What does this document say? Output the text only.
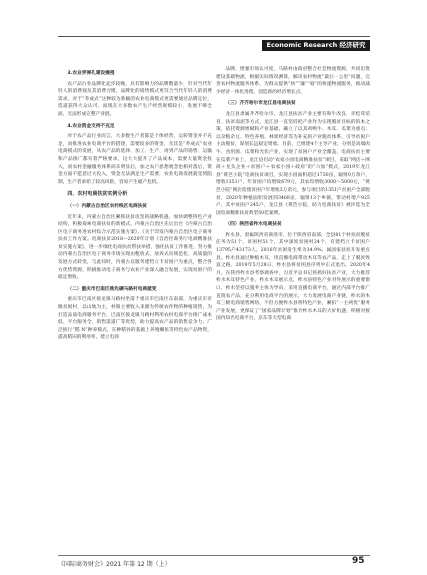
Economic Research 经济研究

3.农业弄弹孔建设瘦侵

农产品行业品牌化起步较晚，具有影响力的品牌数量少，针对当代年轻人的消费观及其消费习惯，品牌化的销售模式更符合当代年轻人的消费需求。对于“乔成式”这种较为新颖的农业电商模式更需要通过品牌定位，选道获得大众认可，而现在大多数农产生产经营规模较小，发展不够全面，无法形成完整产业链。

4.农业资金支持不充足

对于农产品行业而言，大多数生产者都是个体经营，运转资金并不充足，而推进农业电商平台的搭建，需要较多的资金，尤其是“乔成式”农业电商模式的发展，从农产品的选择、加工、生产、再到产品的销售、运输和产品推广都有着严格要求，这大大提升了产品成本，需要大量资金投入，而农村金融服务体系尚未明显后，加之农户思想观念也相对落后，资金方面不愿意过大投入，资金无法满足生产需要，农业电商发展就受到阻制，生产者承担了较高风险，容易产生破产危机。

四、农村电商扶贫实例分析

（一）内蒙古自治区农村线区电商扶贫

近年来，内蒙古自治区紧抓扶贫攻坚的战略机遇，加快调整特色产业结构，积极探索电商扶贫的新模式。内蒙古自治区先后出台《内蒙古自治区电子商务进农村综合示范实施方案》、《关于印发内蒙古自治区电子商务扶贫工作方案。电商扶贫2018—2020年计划《自治区商务厅电商精准扶贫实施方案》，进一步细化电商扶贫帮扶举措，强化扶贫工作推进，努力推动内蒙古自治区电子商务市场实现由粗放式、放养式向规范化、高质量的发展方式转变，与此同时，内蒙古以服务建档立卡贫困户为重点，整合各方优势资源，积极推动电子商务与农业产业深入融合发展，实现贫困户的稳定增收。

（二）重庆市巴南区推先碾马路村电商就变

重庆市巴南区接龙镇马路村坐落于重庆市巴南区东南部，为重庆市市级贫困村，以山地为主，村镇主要收入来源为传统农作物的种植销售，为打造品质电商服务平台，巴南区接龙镇马路村利用农村电商平台推广成本低、平台服务全、销售渠道广等优势，助力提高农产品的销售竞争力，广泛推行“稻 N”种养模式，在种稻谷的基础上养殖鲫鱼等特色农产品物资，提高稻田的利用率，建立电商

品牌，增强市场认可度，马路村由政府整合社会物流资源，共同出资建设基础物流，根据实际情况测算，解决农村物流“最后一公里”问题，完善农村物流服务体系，为群众提供“快”“廉”“稳”的快递物流服务，推动减少经济一体化进程，创造新的经济增长点。

（三）齐齐哈尔市龙江县电商扶贫

龙江县隶属齐齐哈尔市，龙江县扶贫产业主要有和牛改良、赤松茸培育、扶贫南泥等方式，龙江县一直坚持把产业作为实现脱贫目标的的本之策，依托资源禀赋和产业基础，确立了以其鸡鸭牛、木耳、瓜菜为重点；以杂粮杂豆、特色养殖、林果经济等为补充的产业脱贫体系，引导贫困户主动脱贫，谋划长远稳定增收。目前，已组建4个主导产业，分别是高端肉牛、食用菌、瓜菜和光伏产业，实现了贫困户产业全覆盖，电商扶贫主要在瓜菜产业上，龙江县启动“农家小园电商精准扶贫”项目，采取“网店＋网商＋龙头企业＋贫困户＋农家小园＋政府”的“六加”模式，2019年龙江县“黄芭小院”电商扶贫项目，实现小园面积超过1730亩，辐射0万余户，增收1351户，年贫困户均增收679元，其农均增收3000～5000元，“黄芭小院”网店促使贫困户年增收3万余元，参与项目的1351户贫困户全部脱贫，2020年种植面积发展到3468亩，辐射13个乡镇，带动村增户925户，其中贫困户245户，龙江县《黄芭小院，助力电商扶贫》被评选为全国电商精准扶贫典型50佳案例。

（四）陕西省柞水电商扶贫

柞水县，隶属陕西省商洛市，位于陕西省南部，全县81个村扶贫脱贫任务为51个，贫困村51个，其中深度贫困村24个，有建档立卡贫困户13795户43173人，2016年贫困发生率为34.9%，属国家扶贫开发重点县。柞水县通过种植木耳，用直播电商带动木耳等农产品，走上了脱贫致富之路，2019年5月28日，柞水县将贫困县序列中正式退出。2020年4月，在陕西柞水县考察调查中，习近平总书记将抓好扶贫产业，大力推荐柞水木耳特色产业，柞水木耳展示点，柞水县特色产业对外展示的重要窗口，柞水坚持以服务主体为导向，采用直播电商平台，通过内部平台推广直销农产品，充分利用电商平台的展示，大力发展电商产业链，柞水的木耳三级电商销售网络，不但方便柞水县将特色产业，紧扣“一主两优”服务产业发展，更保证了“国家品牌计划”推介柞水木耳的大好机遇，积极对接国内知名电商平台，京东等大型电商

《国际商务财会》2021 年第 12 期（上）	95
